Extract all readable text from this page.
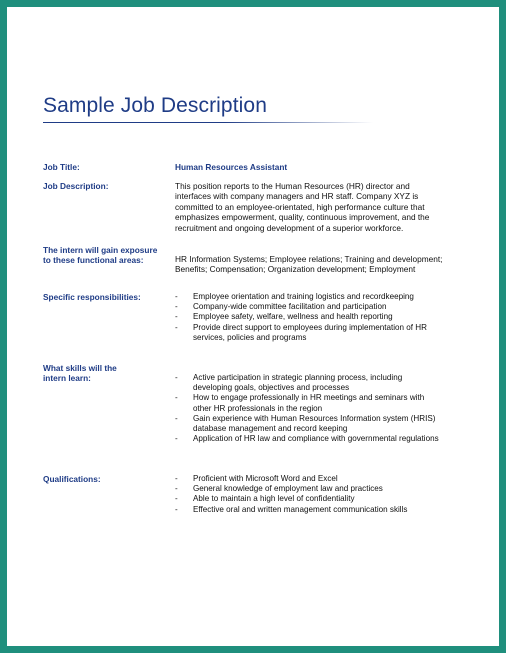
Sample Job Description
Job Title:	Human Resources Assistant
Job Description:	This position reports to the Human Resources (HR) director and
interfaces with company managers and HR staff. Company XYZ is
committed to an employee-orientated, high performance culture that
emphasizes empowerment, quality, continuous improvement, and the
recruitment and ongoing development of a superior workforce.
The intern will gain exposure
to these functional areas:	HR Information Systems; Employee relations; Training and development;
Benefits; Compensation; Organization development; Employment
Specific responsibilities:	- Employee orientation and training logistics and recordkeeping
- Company-wide committee facilitation and participation
- Employee safety, welfare, wellness and health reporting
- Provide direct support to employees during implementation of HR
services, policies and programs
What skills will the
intern learn:	- Active participation in strategic planning process, including
developing goals, objectives and processes
- How to engage professionally in HR meetings and seminars with
other HR professionals in the region
- Gain experience with Human Resources Information system (HRIS)
database management and record keeping
- Application of HR law and compliance with governmental regulations
Qualifications:	- Proficient with Microsoft Word and Excel
- General knowledge of employment law and practices
- Able to maintain a high level of confidentiality
- Effective oral and written management communication skills
